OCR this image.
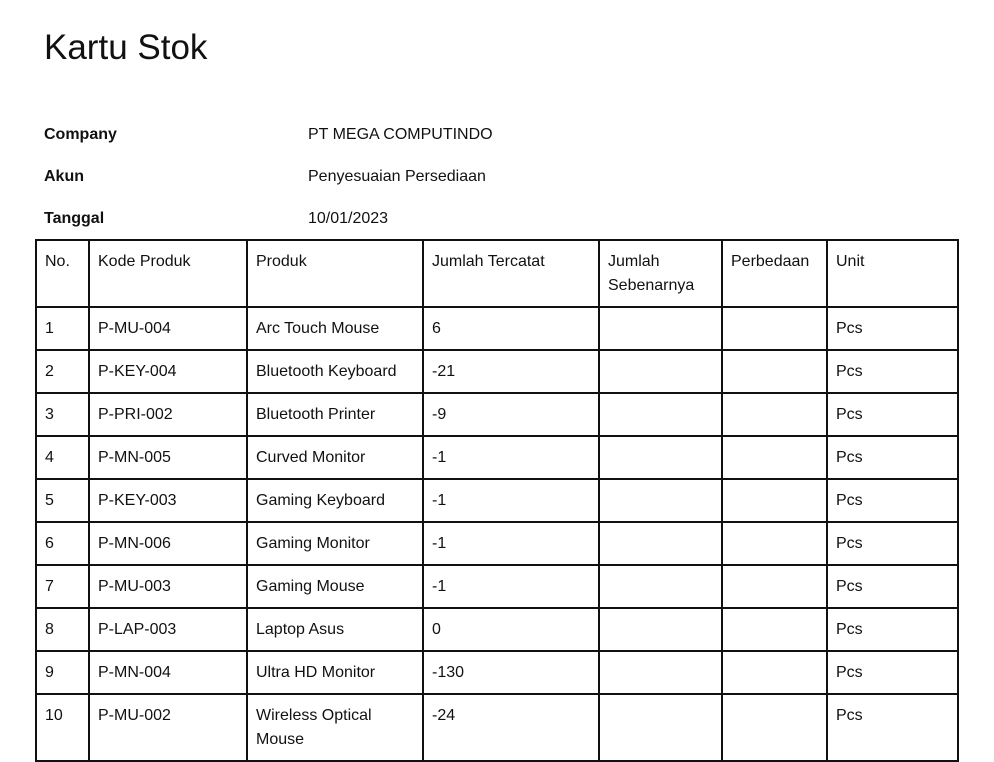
Kartu Stok
Company	PT MEGA COMPUTINDO
Akun	Penyesuaian Persediaan
Tanggal	10/01/2023
No.	Kode Produk	Produk	Jumlah Tercatat	Jumlah Sebenarnya	Perbedaan	Unit
1	P-MU-004	Arc Touch Mouse	6			Pcs
2	P-KEY-004	Bluetooth Keyboard	-21			Pcs
3	P-PRI-002	Bluetooth Printer	-9			Pcs
4	P-MN-005	Curved Monitor	-1			Pcs
5	P-KEY-003	Gaming Keyboard	-1			Pcs
6	P-MN-006	Gaming Monitor	-1			Pcs
7	P-MU-003	Gaming Mouse	-1			Pcs
8	P-LAP-003	Laptop Asus	0			Pcs
9	P-MN-004	Ultra HD Monitor	-130			Pcs
10	P-MU-002	Wireless Optical Mouse	-24			Pcs
